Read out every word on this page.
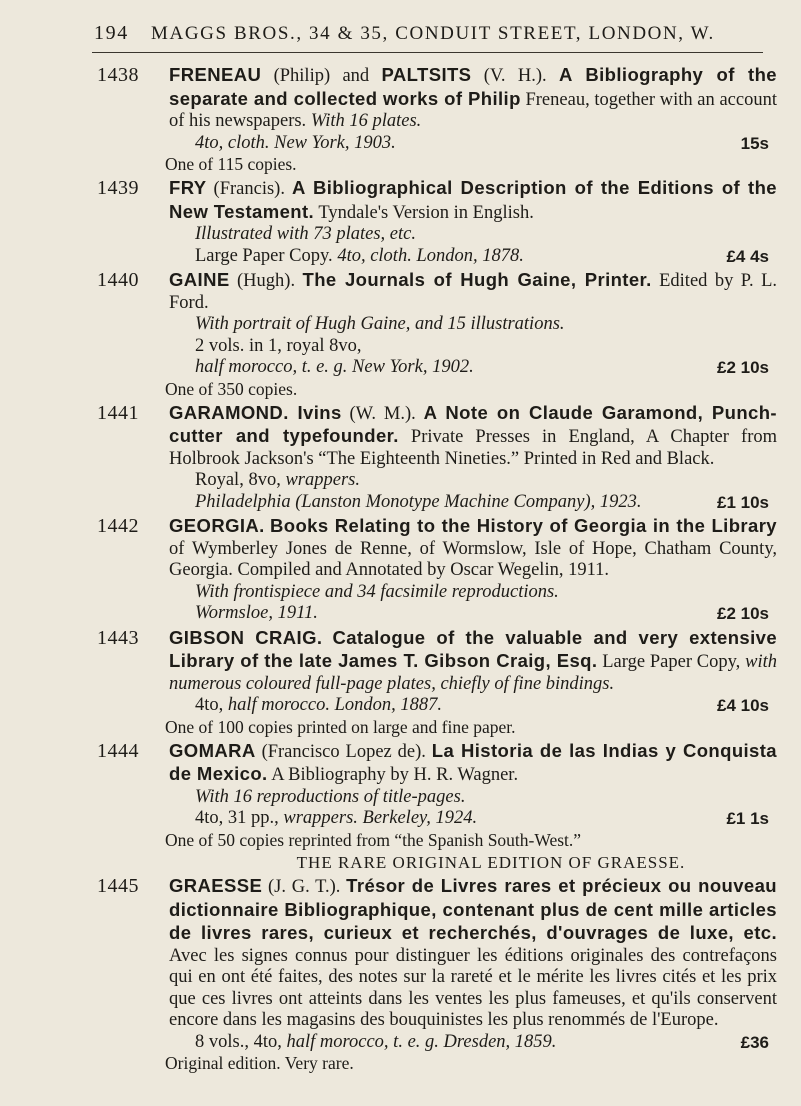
194 MAGGS BROS., 34 & 35, CONDUIT STREET, LONDON, W.
1438 FRENEAU (Philip) and PALTSITS (V. H.). A Bibliography of the separate and collected works of Philip Freneau, together with an account of his newspapers. With 16 plates.
4to, cloth. New York, 1903.	15s
One of 115 copies.
1439 FRY (Francis). A Bibliographical Description of the Editions of the New Testament. Tyndale's Version in English.
Illustrated with 73 plates, etc.
Large Paper Copy. 4to, cloth. London, 1878.	£4 4s
1440 GAINE (Hugh). The Journals of Hugh Gaine, Printer. Edited by P. L. Ford.
With portrait of Hugh Gaine, and 15 illustrations.
2 vols. in 1, royal 8vo,
half morocco, t. e. g. New York, 1902.	£2 10s
One of 350 copies.
1441 GARAMOND. Ivins (W. M.). A Note on Claude Garamond, Punch-cutter and typefounder. Private Presses in England, A Chapter from Holbrook Jackson's “The Eighteenth Nineties.” Printed in Red and Black.
Royal, 8vo, wrappers.
Philadelphia (Lanston Monotype Machine Company), 1923.	£1 10s
1442 GEORGIA. Books Relating to the History of Georgia in the Library of Wymberley Jones de Renne, of Wormslow, Isle of Hope, Chatham County, Georgia. Compiled and Annotated by Oscar Wegelin, 1911.
With frontispiece and 34 facsimile reproductions.
Wormsloe, 1911.	£2 10s
1443 GIBSON CRAIG. Catalogue of the valuable and very extensive Library of the late James T. Gibson Craig, Esq. Large Paper Copy, with numerous coloured full-page plates, chiefly of fine bindings.
4to, half morocco. London, 1887.	£4 10s
One of 100 copies printed on large and fine paper.
1444 GOMARA (Francisco Lopez de). La Historia de las Indias y Conquista de Mexico. A Bibliography by H. R. Wagner.
With 16 reproductions of title-pages.
4to, 31 pp., wrappers. Berkeley, 1924.	£1 1s
One of 50 copies reprinted from “the Spanish South-West.”
THE RARE ORIGINAL EDITION OF GRAESSE.
1445 GRAESSE (J. G. T.). Trésor de Livres rares et précieux ou nouveau dictionnaire Bibliographique, contenant plus de cent mille articles de livres rares, curieux et recherchés, d'ouvrages de luxe, etc. Avec les signes connus pour distinguer les éditions originales des contrefaçons qui en ont été faites, des notes sur la rareté et le mérite les livres cités et les prix que ces livres ont atteints dans les ventes les plus fameuses, et qu'ils conservent encore dans les magasins des bouquinistes les plus renommés de l'Europe.
8 vols., 4to, half morocco, t. e. g. Dresden, 1859.	£36
Original edition. Very rare.
